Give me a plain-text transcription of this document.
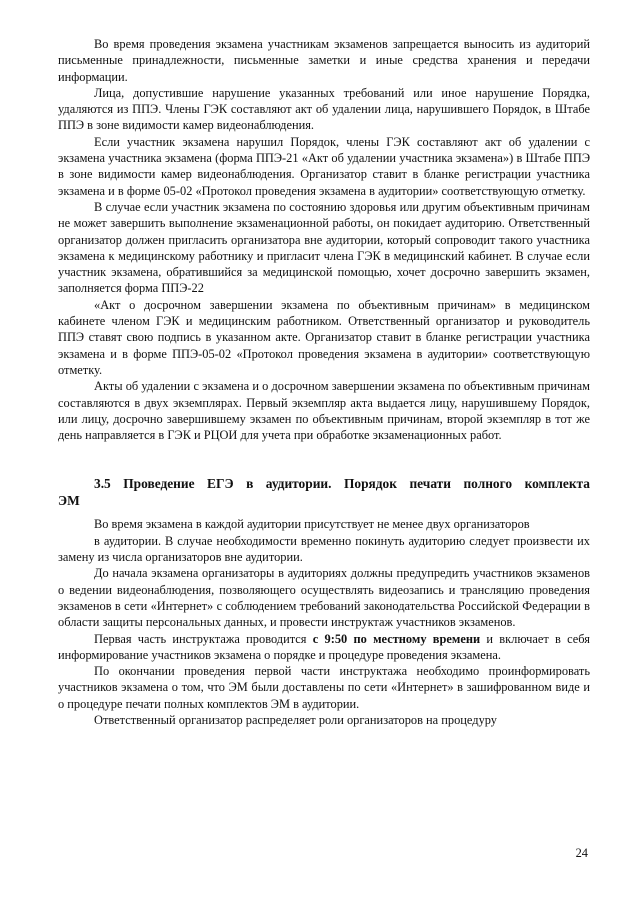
Во время проведения экзамена участникам экзаменов запрещается выносить из аудиторий письменные принадлежности, письменные заметки и иные средства хранения и передачи информации.

Лица, допустившие нарушение указанных требований или иное нарушение Порядка, удаляются из ППЭ. Члены ГЭК составляют акт об удалении лица, нарушившего Порядок, в Штабе ППЭ в зоне видимости камер видеонаблюдения.

Если участник экзамена нарушил Порядок, члены ГЭК составляют акт об удалении с экзамена участника экзамена (форма ППЭ-21 «Акт об удалении участника экзамена») в Штабе ППЭ в зоне видимости камер видеонаблюдения. Организатор ставит в бланке регистрации участника экзамена и в форме 05-02 «Протокол проведения экзамена в аудитории» соответствующую отметку.

В случае если участник экзамена по состоянию здоровья или другим объективным причинам не может завершить выполнение экзаменационной работы, он покидает аудиторию. Ответственный организатор должен пригласить организатора вне аудитории, который сопроводит такого участника экзамена к медицинскому работнику и пригласит члена ГЭК в медицинский кабинет. В случае если участник экзамена, обратившийся за медицинской помощью, хочет досрочно завершить экзамен, заполняется форма ППЭ-22

«Акт о досрочном завершении экзамена по объективным причинам» в медицинском кабинете членом ГЭК и медицинским работником. Ответственный организатор и руководитель ППЭ ставят свою подпись в указанном акте. Организатор ставит в бланке регистрации участника экзамена и в форме ППЭ-05-02 «Протокол проведения экзамена в аудитории» соответствующую отметку.

Акты об удалении с экзамена и о досрочном завершении экзамена по объективным причинам составляются в двух экземплярах. Первый экземпляр акта выдается лицу, нарушившему Порядок, или лицу, досрочно завершившему экзамен по объективным причинам, второй экземпляр в тот же день направляется в ГЭК и РЦОИ для учета при обработке экзаменационных работ.

3.5 Проведение ЕГЭ в аудитории. Порядок печати полного комплекта ЭМ

Во время экзамена в каждой аудитории присутствует не менее двух организаторов

в аудитории. В случае необходимости временно покинуть аудиторию следует произвести их замену из числа организаторов вне аудитории.

До начала экзамена организаторы в аудиториях должны предупредить участников экзаменов о ведении видеонаблюдения, позволяющего осуществлять видеозапись и трансляцию проведения экзаменов в сети «Интернет» с соблюдением требований законодательства Российской Федерации в области защиты персональных данных, и провести инструктаж участников экзаменов.

Первая часть инструктажа проводится с 9:50 по местному времени и включает в себя информирование участников экзамена о порядке и процедуре проведения экзамена.

По окончании проведения первой части инструктажа необходимо проинформировать участников экзамена о том, что ЭМ были доставлены по сети «Интернет» в зашифрованном виде и о процедуре печати полных комплектов ЭМ в аудитории.

Ответственный организатор распределяет роли организаторов на процедуру

24
